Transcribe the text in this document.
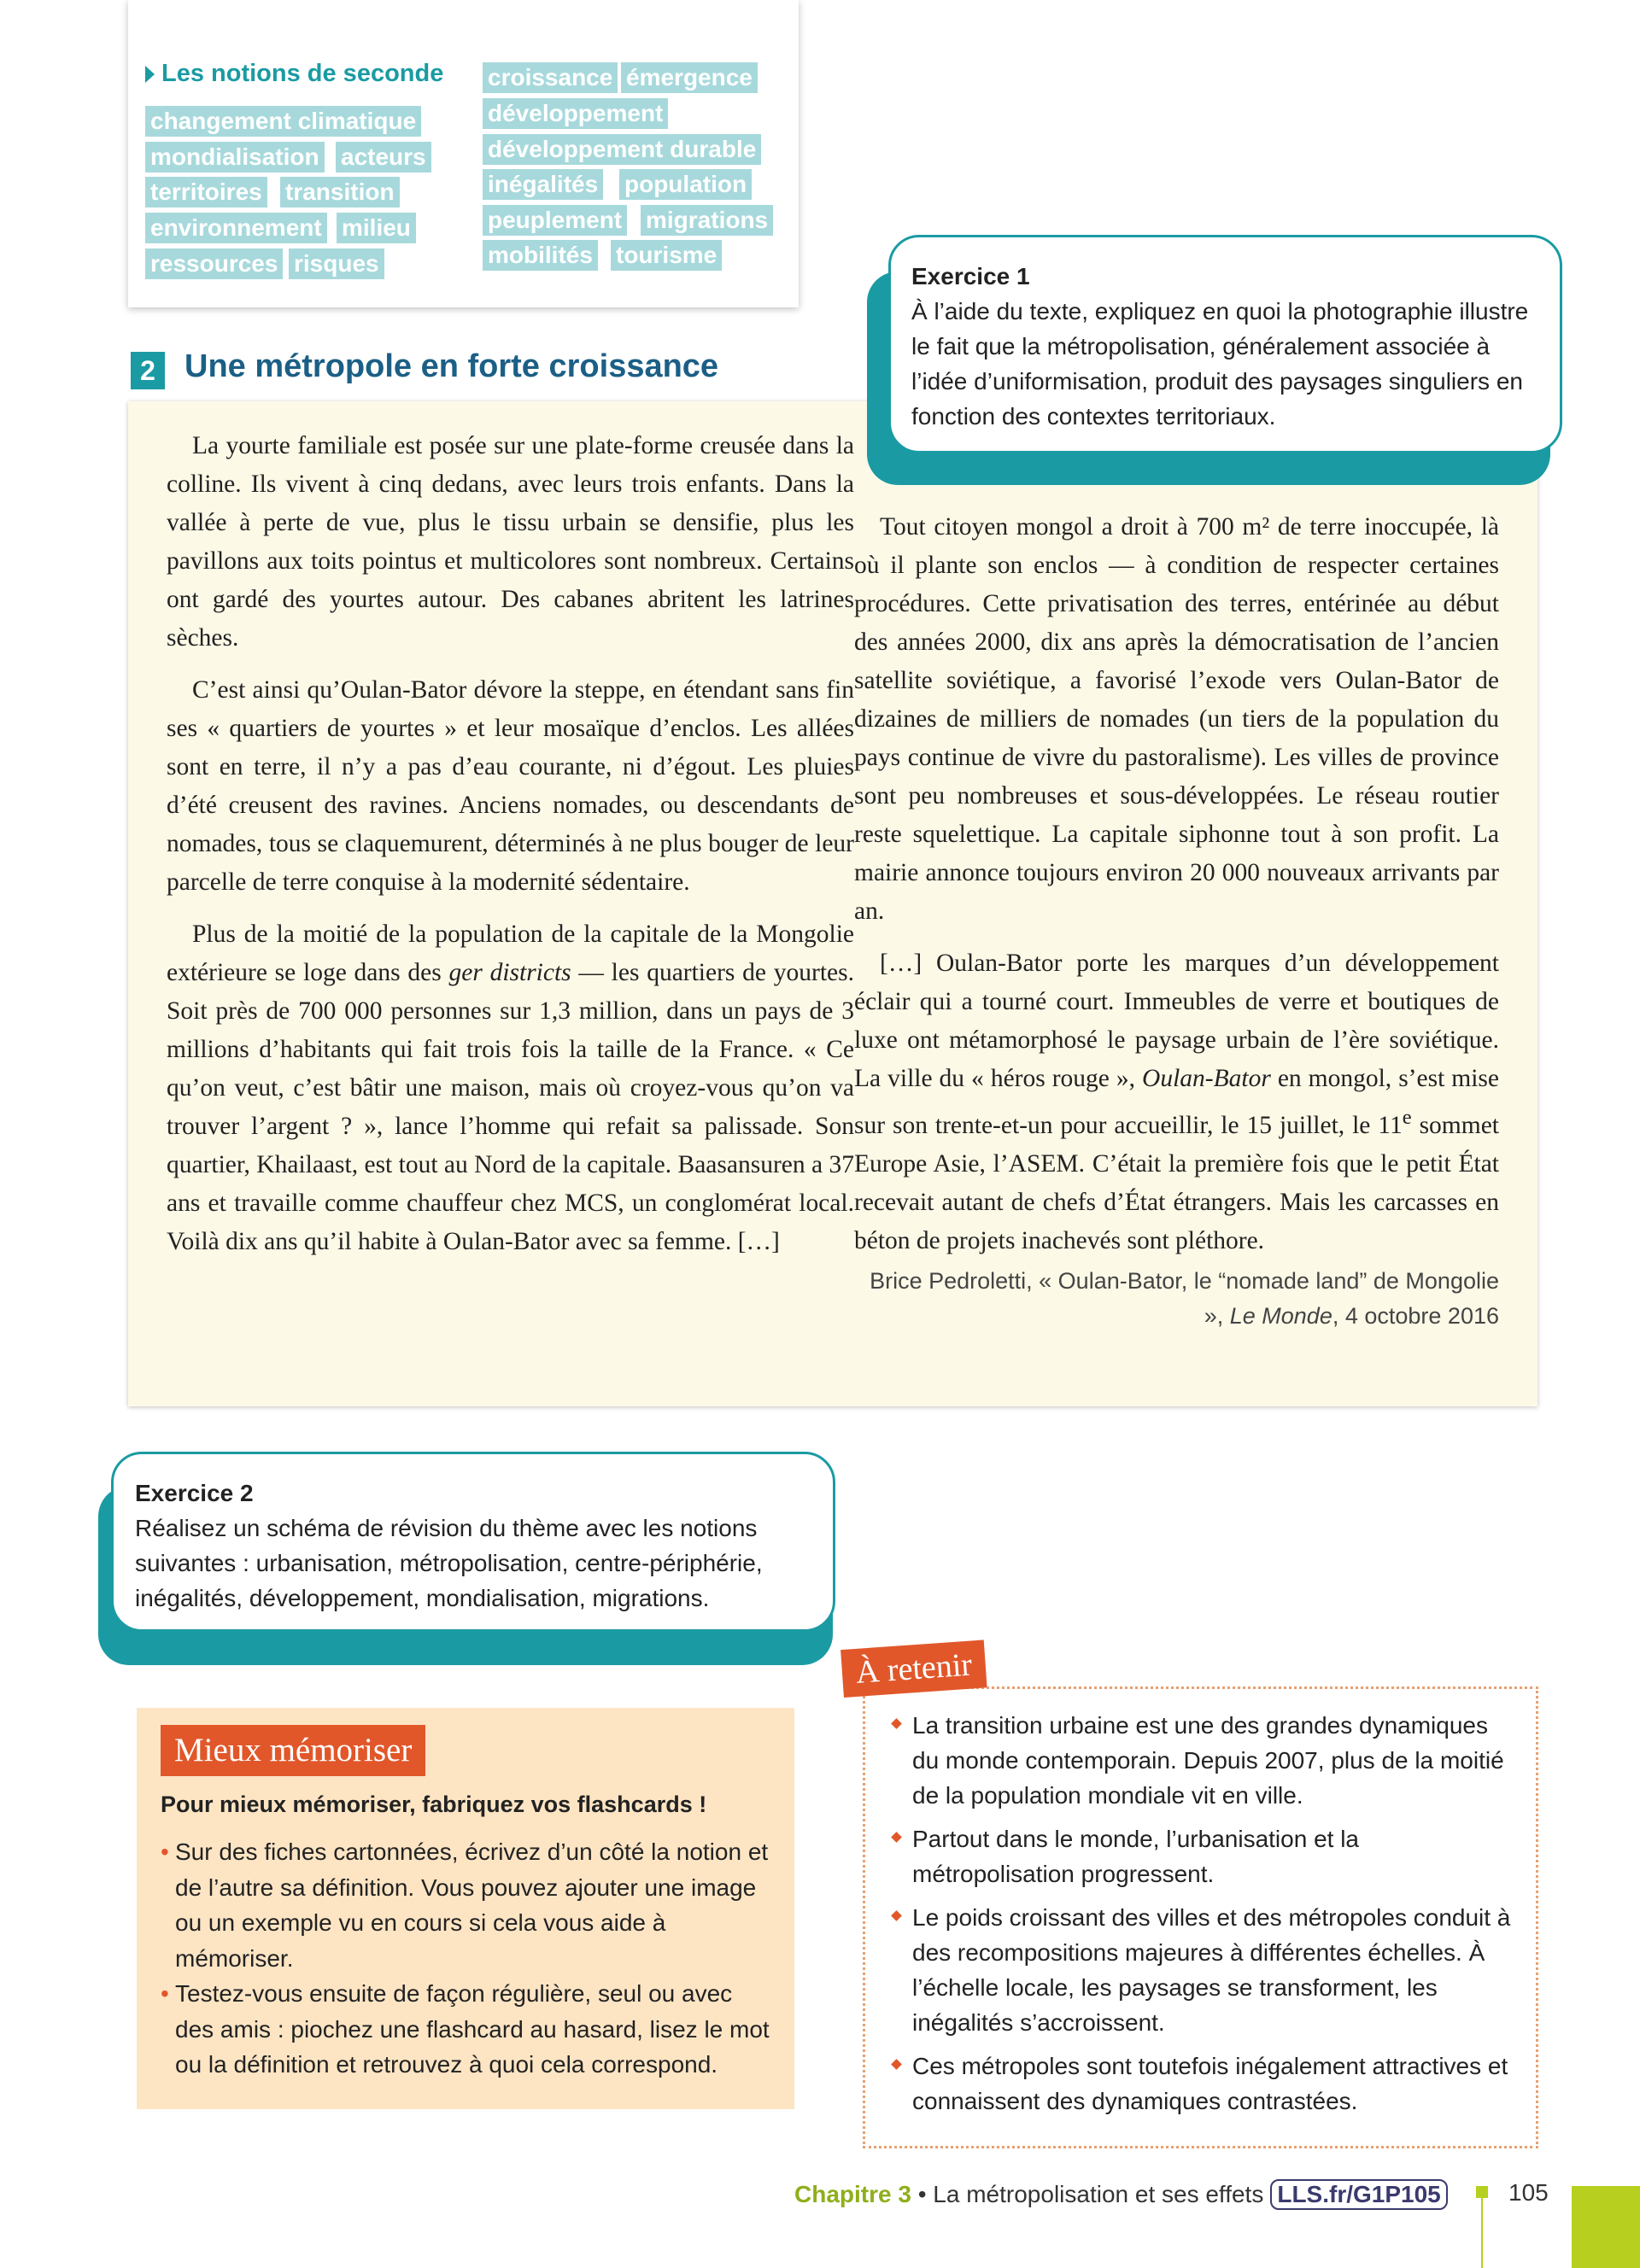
Les notions de seconde
changement climatique
mondialisation acteurs
territoires transition
environnement milieu
ressources risques
croissance émergence
développement
développement durable
inégalités population
peuplement migrations
mobilités tourisme
2 Une métropole en forte croissance

La yourte familiale est posée sur une plate-forme creusée dans la colline. Ils vivent à cinq dedans, avec leurs trois enfants. Dans la vallée à perte de vue, plus le tissu urbain se densifie, plus les pavillons aux toits pointus et multicolores sont nombreux. Certains ont gardé des yourtes autour. Des cabanes abritent les latrines sèches.

C’est ainsi qu’Oulan-Bator dévore la steppe, en étendant sans fin ses « quartiers de yourtes » et leur mosaïque d’enclos. Les allées sont en terre, il n’y a pas d’eau courante, ni d’égout. Les pluies d’été creusent des ravines. Anciens nomades, ou descendants de nomades, tous se claquemurent, déterminés à ne plus bouger de leur parcelle de terre conquise à la modernité sédentaire.

Plus de la moitié de la population de la capitale de la Mongolie extérieure se loge dans des ger districts — les quartiers de yourtes. Soit près de 700 000 personnes sur 1,3 million, dans un pays de 3 millions d’habitants qui fait trois fois la taille de la France. « Ce qu’on veut, c’est bâtir une maison, mais où croyez-vous qu’on va trouver l’argent ? », lance l’homme qui refait sa palissade. Son quartier, Khailaast, est tout au Nord de la capitale. Baasansuren a 37 ans et travaille comme chauffeur chez MCS, un conglomérat local. Voilà dix ans qu’il habite à Oulan-Bator avec sa femme. […]

Tout citoyen mongol a droit à 700 m² de terre inoccupée, là où il plante son enclos — à condition de respecter certaines procédures. Cette privatisation des terres, entérinée au début des années 2000, dix ans après la démocratisation de l’ancien satellite soviétique, a favorisé l’exode vers Oulan-Bator de dizaines de milliers de nomades (un tiers de la population du pays continue de vivre du pastoralisme). Les villes de province sont peu nombreuses et sous-développées. Le réseau routier reste squelettique. La capitale siphonne tout à son profit. La mairie annonce toujours environ 20 000 nouveaux arrivants par an.

[…] Oulan-Bator porte les marques d’un développement éclair qui a tourné court. Immeubles de verre et boutiques de luxe ont métamorphosé le paysage urbain de l’ère soviétique. La ville du « héros rouge », Oulan-Bator en mongol, s’est mise sur son trente-et-un pour accueillir, le 15 juillet, le 11e sommet Europe Asie, l’ASEM. C’était la première fois que le petit État recevait autant de chefs d’État étrangers. Mais les carcasses en béton de projets inachevés sont pléthore.

Brice Pedroletti, « Oulan-Bator, le “nomade land” de Mongolie », Le Monde, 4 octobre 2016
Exercice 1
À l’aide du texte, expliquez en quoi la photographie illustre le fait que la métropolisation, généralement associée à l’idée d’uniformisation, produit des paysages singuliers en fonction des contextes territoriaux.
Exercice 2
Réalisez un schéma de révision du thème avec les notions suivantes : urbanisation, métropolisation, centre-périphérie, inégalités, développement, mondialisation, migrations.
Mieux mémoriser
Pour mieux mémoriser, fabriquez vos flashcards !
• Sur des fiches cartonnées, écrivez d’un côté la notion et de l’autre sa définition. Vous pouvez ajouter une image ou un exemple vu en cours si cela vous aide à mémoriser.
• Testez-vous ensuite de façon régulière, seul ou avec des amis : piochez une flashcard au hasard, lisez le mot ou la définition et retrouvez à quoi cela correspond.
À retenir
La transition urbaine est une des grandes dynamiques du monde contemporain. Depuis 2007, plus de la moitié de la population mondiale vit en ville.
Partout dans le monde, l’urbanisation et la métropolisation progressent.
Le poids croissant des villes et des métropoles conduit à des recompositions majeures à différentes échelles. À l’échelle locale, les paysages se transforment, les inégalités s’accroissent.
Ces métropoles sont toutefois inégalement attractives et connaissent des dynamiques contrastées.
Chapitre 3 • La métropolisation et ses effets LLS.fr/G1P105	105
